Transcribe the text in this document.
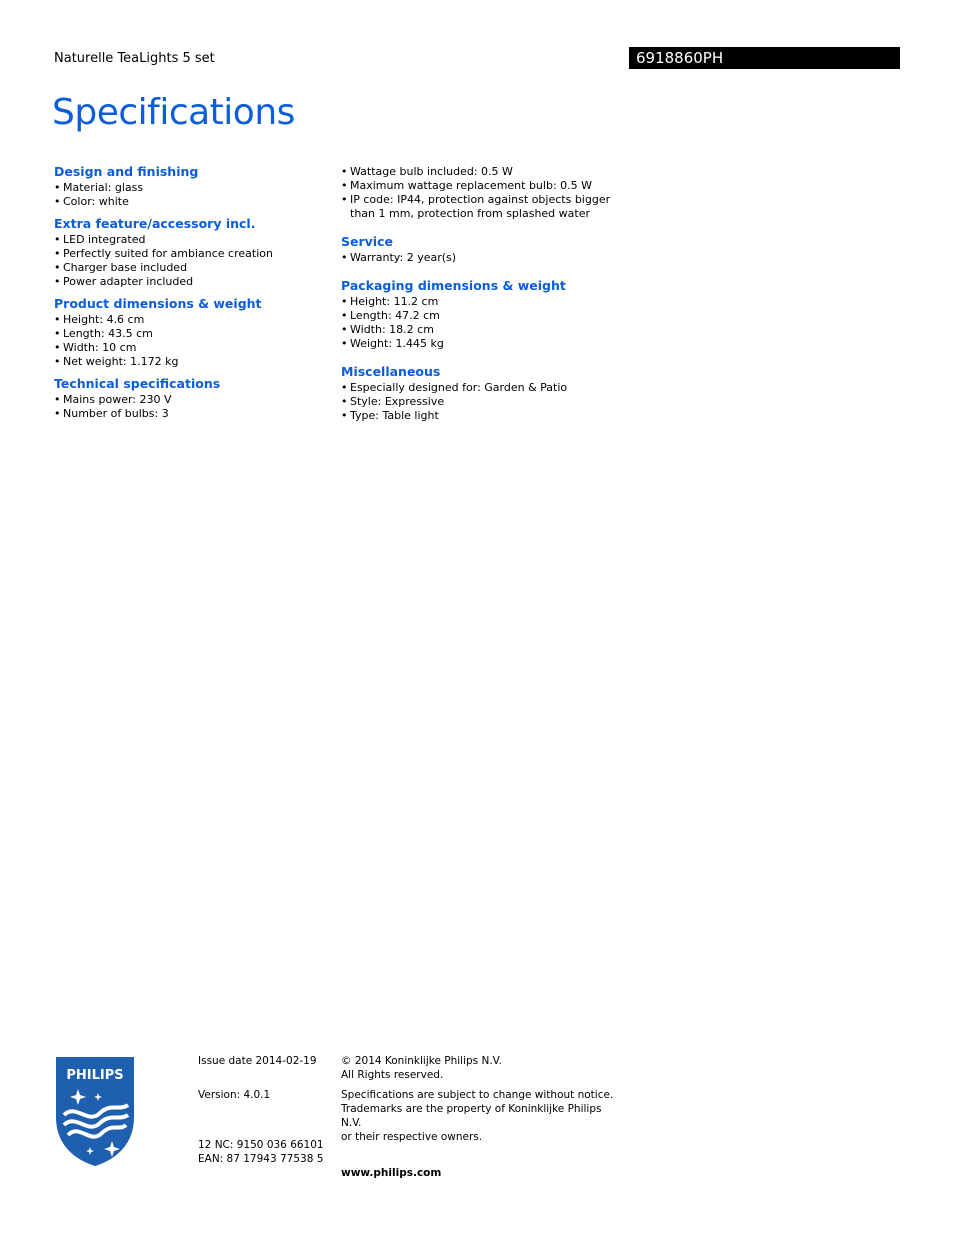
Naturelle TeaLights 5 set	6918860PH
Specifications
Design and finishing
• Material: glass
• Color: white
Extra feature/accessory incl.
• LED integrated
• Perfectly suited for ambiance creation
• Charger base included
• Power adapter included
Product dimensions & weight
• Height: 4.6 cm
• Length: 43.5 cm
• Width: 10 cm
• Net weight: 1.172 kg
Technical specifications
• Mains power: 230 V
• Number of bulbs: 3
• Wattage bulb included: 0.5 W
• Maximum wattage replacement bulb: 0.5 W
• IP code: IP44, protection against objects bigger than 1 mm, protection from splashed water
Service
• Warranty: 2 year(s)
Packaging dimensions & weight
• Height: 11.2 cm
• Length: 47.2 cm
• Width: 18.2 cm
• Weight: 1.445 kg
Miscellaneous
• Especially designed for: Garden & Patio
• Style: Expressive
• Type: Table light
PHILIPS

Issue date 2014-02-19

Version: 4.0.1

12 NC: 9150 036 66101
EAN: 87 17943 77538 5
© 2014 Koninklijke Philips N.V.
All Rights reserved.
Specifications are subject to change without notice.
Trademarks are the property of Koninklijke Philips N.V.
or their respective owners.
www.philips.com
